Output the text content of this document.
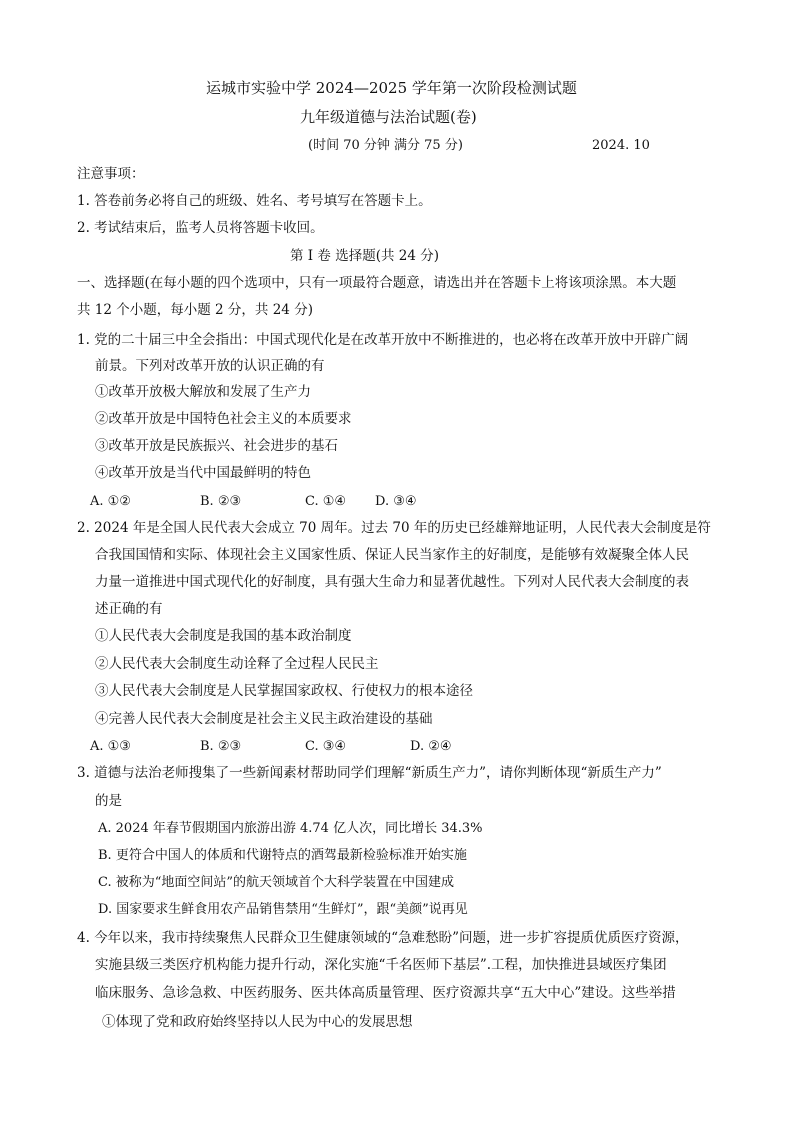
运城市实验中学 2024—2025 学年第一次阶段检测试题
九年级道德与法治试题(卷)
(时间 70 分钟 满分 75 分)	2024. 10
注意事项：
1. 答卷前务必将自己的班级、姓名、考号填写在答题卡上。
2. 考试结束后，监考人员将答题卡收回。
第 I 卷 选择题(共 24 分)
一、选择题(在每小题的四个选项中，只有一项最符合题意，请选出并在答题卡上将该项涂黑。本大题
共 12 个小题，每小题 2 分，共 24 分)
1. 党的二十届三中全会指出：中国式现代化是在改革开放中不断推进的，也必将在改革开放中开辟广阔
前景。下列对改革开放的认识正确的有
①改革开放极大解放和发展了生产力
②改革开放是中国特色社会主义的本质要求
③改革开放是民族振兴、社会进步的基石
④改革开放是当代中国最鲜明的特色
A. ①②	B. ②③	C. ①④ D. ③④
2. 2024 年是全国人民代表大会成立 70 周年。过去 70 年的历史已经雄辩地证明，人民代表大会制度是符
合我国国情和实际、体现社会主义国家性质、保证人民当家作主的好制度，是能够有效凝聚全体人民
力量一道推进中国式现代化的好制度，具有强大生命力和显著优越性。下列对人民代表大会制度的表
述正确的有
①人民代表大会制度是我国的基本政治制度
②人民代表大会制度生动诠释了全过程人民民主
③人民代表大会制度是人民掌握国家政权、行使权力的根本途径
④完善人民代表大会制度是社会主义民主政治建设的基础
A. ①③	B. ②③	C. ③④	D. ②④
3. 道德与法治老师搜集了一些新闻素材帮助同学们理解“新质生产力”，请你判断体现“新质生产力”
的是
A. 2024 年春节假期国内旅游出游 4.74 亿人次，同比增长 34.3%
B. 更符合中国人的体质和代谢特点的酒驾最新检验标准开始实施
C. 被称为“地面空间站”的航天领域首个大科学装置在中国建成
D. 国家要求生鲜食用农产品销售禁用“生鲜灯”，跟“美颜”说再见
4. 今年以来，我市持续聚焦人民群众卫生健康领域的“急难愁盼”问题，进一步扩容提质优质医疗资源，
实施县级三类医疗机构能力提升行动，深化实施“千名医师下基层”.工程，加快推进县域医疗集团
临床服务、急诊急救、中医药服务、医共体高质量管理、医疗资源共享“五大中心”建设。这些举措
①体现了党和政府始终坚持以人民为中心的发展思想
